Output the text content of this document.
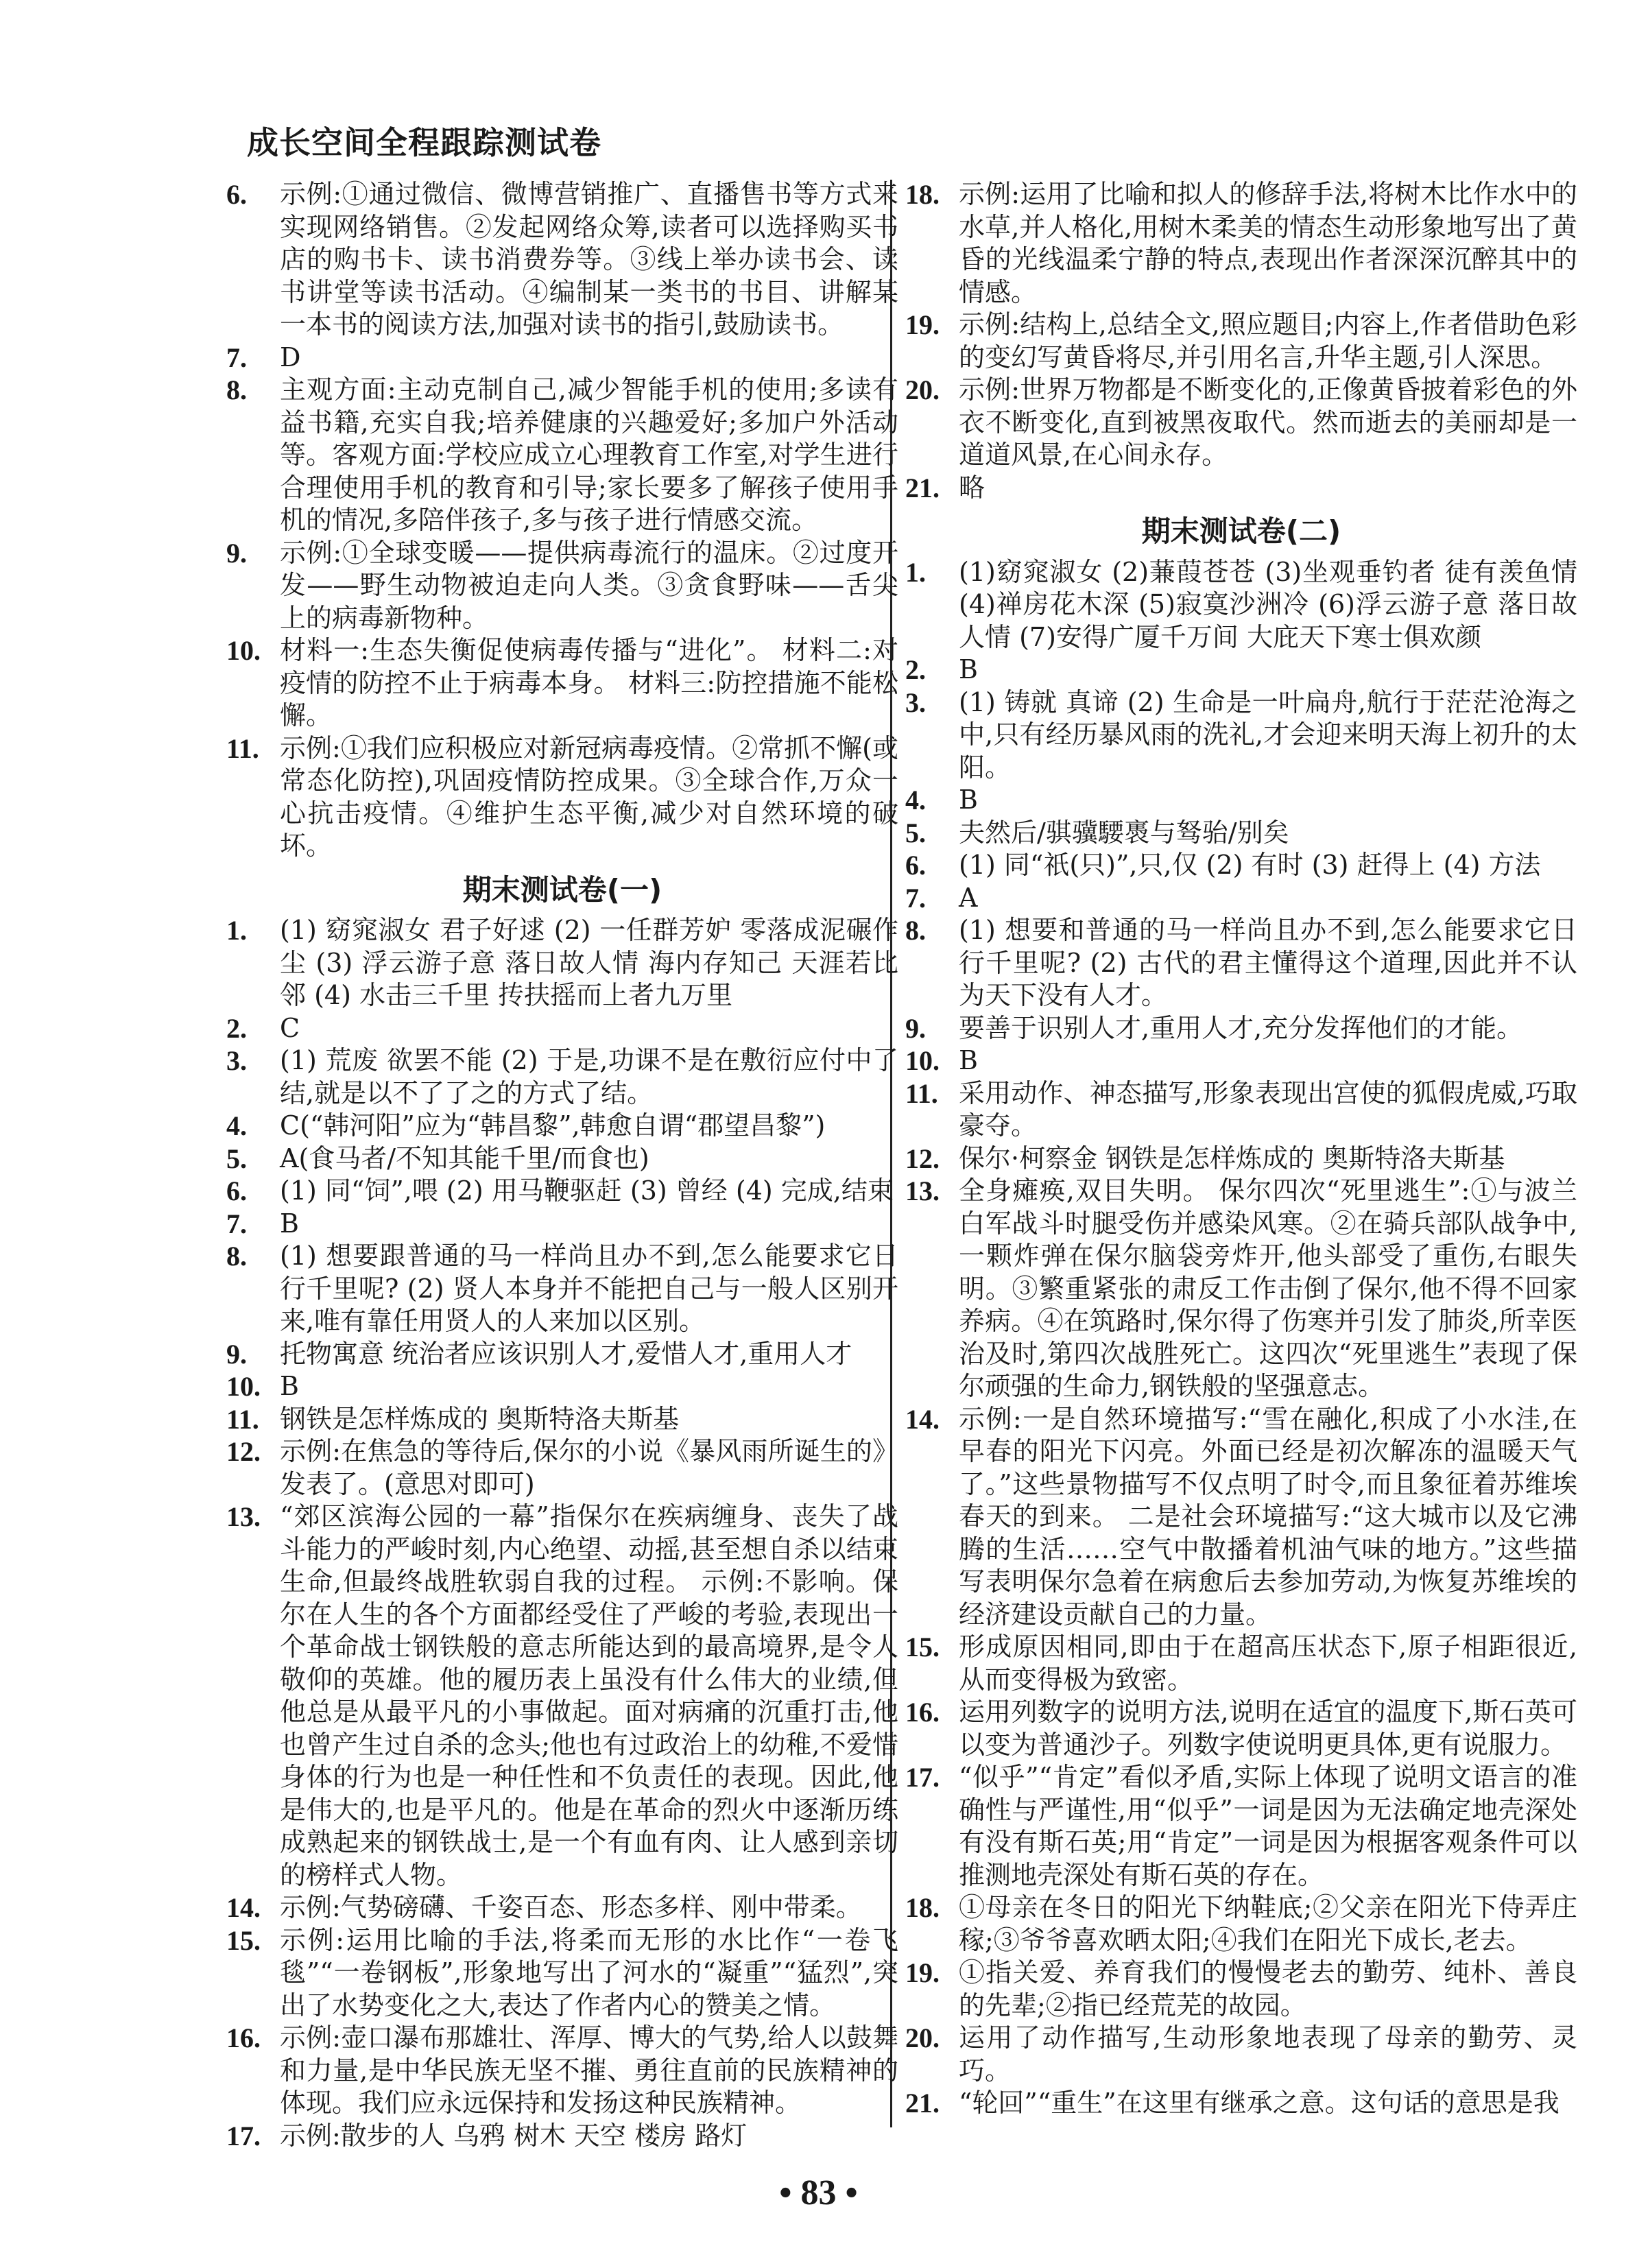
成长空间全程跟踪测试卷
6.	示例:①通过微信、微博营销推广、直播售书等方式来实现网络销售。②发起网络众筹,读者可以选择购买书店的购书卡、读书消费券等。③线上举办读书会、读书讲堂等读书活动。④编制某一类书的书目、讲解某一本书的阅读方法,加强对读书的指引,鼓励读书。
7.	D
8.	主观方面:主动克制自己,减少智能手机的使用;多读有益书籍,充实自我;培养健康的兴趣爱好;多加户外活动等。客观方面:学校应成立心理教育工作室,对学生进行合理使用手机的教育和引导;家长要多了解孩子使用手机的情况,多陪伴孩子,多与孩子进行情感交流。
9.	示例:①全球变暖——提供病毒流行的温床。②过度开发——野生动物被迫走向人类。③贪食野味——舌尖上的病毒新物种。
10. 材料一:生态失衡促使病毒传播与“进化”。 材料二:对疫情的防控不止于病毒本身。 材料三:防控措施不能松懈。
11. 示例:①我们应积极应对新冠病毒疫情。②常抓不懈(或常态化防控),巩固疫情防控成果。③全球合作,万众一心抗击疫情。④维护生态平衡,减少对自然环境的破坏。
期末测试卷(一)
1.	(1) 窈窕淑女 君子好逑 (2) 一任群芳妒 零落成泥碾作尘 (3) 浮云游子意 落日故人情 海内存知己 天涯若比邻 (4) 水击三千里 抟扶摇而上者九万里
2.	C
3.	(1) 荒废 欲罢不能 (2) 于是,功课不是在敷衍应付中了结,就是以不了了之的方式了结。
4.	C(“韩河阳”应为“韩昌黎”,韩愈自谓“郡望昌黎”)
5.	A(食马者/不知其能千里/而食也)
6.	(1) 同“饲”,喂 (2) 用马鞭驱赶 (3) 曾经 (4) 完成,结束
7.	B
8.	(1) 想要跟普通的马一样尚且办不到,怎么能要求它日行千里呢? (2) 贤人本身并不能把自己与一般人区别开来,唯有靠任用贤人的人来加以区别。
9.	托物寓意 统治者应该识别人才,爱惜人才,重用人才
10. B
11. 钢铁是怎样炼成的 奥斯特洛夫斯基
12. 示例:在焦急的等待后,保尔的小说《暴风雨所诞生的》发表了。(意思对即可)
13. “郊区滨海公园的一幕”指保尔在疾病缠身、丧失了战斗能力的严峻时刻,内心绝望、动摇,甚至想自杀以结束生命,但最终战胜软弱自我的过程。 示例:不影响。保尔在人生的各个方面都经受住了严峻的考验,表现出一个革命战士钢铁般的意志所能达到的最高境界,是令人敬仰的英雄。他的履历表上虽没有什么伟大的业绩,但他总是从最平凡的小事做起。面对病痛的沉重打击,他也曾产生过自杀的念头;他也有过政治上的幼稚,不爱惜身体的行为也是一种任性和不负责任的表现。因此,他是伟大的,也是平凡的。他是在革命的烈火中逐渐历练成熟起来的钢铁战士,是一个有血有肉、让人感到亲切的榜样式人物。
14. 示例:气势磅礴、千姿百态、形态多样、刚中带柔。
15. 示例:运用比喻的手法,将柔而无形的水比作“一卷飞毯”“一卷钢板”,形象地写出了河水的“凝重”“猛烈”,突出了水势变化之大,表达了作者内心的赞美之情。
16. 示例:壶口瀑布那雄壮、浑厚、博大的气势,给人以鼓舞和力量,是中华民族无坚不摧、勇往直前的民族精神的体现。我们应永远保持和发扬这种民族精神。
17. 示例:散步的人 乌鸦 树木 天空 楼房 路灯
18. 示例:运用了比喻和拟人的修辞手法,将树木比作水中的水草,并人格化,用树木柔美的情态生动形象地写出了黄昏的光线温柔宁静的特点,表现出作者深深沉醉其中的情感。
19. 示例:结构上,总结全文,照应题目;内容上,作者借助色彩的变幻写黄昏将尽,并引用名言,升华主题,引人深思。
20. 示例:世界万物都是不断变化的,正像黄昏披着彩色的外衣不断变化,直到被黑夜取代。然而逝去的美丽却是一道道风景,在心间永存。
21. 略
期末测试卷(二)
1.	(1)窈窕淑女 (2)蒹葭苍苍 (3)坐观垂钓者 徒有羡鱼情 (4)禅房花木深 (5)寂寞沙洲冷 (6)浮云游子意 落日故人情 (7)安得广厦千万间 大庇天下寒士俱欢颜
2.	B
3.	(1) 铸就 真谛 (2) 生命是一叶扁舟,航行于茫茫沧海之中,只有经历暴风雨的洗礼,才会迎来明天海上初升的太阳。
4.	B
5.	夫然后/骐骥騕褭与驽骀/别矣
6.	(1) 同“祇(只)”,只,仅 (2) 有时 (3) 赶得上 (4) 方法
7.	A
8.	(1) 想要和普通的马一样尚且办不到,怎么能要求它日行千里呢? (2) 古代的君主懂得这个道理,因此并不认为天下没有人才。
9.	要善于识别人才,重用人才,充分发挥他们的才能。
10. B
11. 采用动作、神态描写,形象表现出宫使的狐假虎威,巧取豪夺。
12. 保尔·柯察金 钢铁是怎样炼成的 奥斯特洛夫斯基
13. 全身瘫痪,双目失明。 保尔四次“死里逃生”:①与波兰白军战斗时腿受伤并感染风寒。②在骑兵部队战争中,一颗炸弹在保尔脑袋旁炸开,他头部受了重伤,右眼失明。③繁重紧张的肃反工作击倒了保尔,他不得不回家养病。④在筑路时,保尔得了伤寒并引发了肺炎,所幸医治及时,第四次战胜死亡。这四次“死里逃生”表现了保尔顽强的生命力,钢铁般的坚强意志。
14. 示例:一是自然环境描写:“雪在融化,积成了小水洼,在早春的阳光下闪亮。外面已经是初次解冻的温暖天气了。”这些景物描写不仅点明了时令,而且象征着苏维埃春天的到来。 二是社会环境描写:“这大城市以及它沸腾的生活……空气中散播着机油气味的地方。”这些描写表明保尔急着在病愈后去参加劳动,为恢复苏维埃的经济建设贡献自己的力量。
15. 形成原因相同,即由于在超高压状态下,原子相距很近,从而变得极为致密。
16. 运用列数字的说明方法,说明在适宜的温度下,斯石英可以变为普通沙子。列数字使说明更具体,更有说服力。
17. “似乎”“肯定”看似矛盾,实际上体现了说明文语言的准确性与严谨性,用“似乎”一词是因为无法确定地壳深处有没有斯石英;用“肯定”一词是因为根据客观条件可以推测地壳深处有斯石英的存在。
18. ①母亲在冬日的阳光下纳鞋底;②父亲在阳光下侍弄庄稼;③爷爷喜欢晒太阳;④我们在阳光下成长,老去。
19. ①指关爱、养育我们的慢慢老去的勤劳、纯朴、善良的先辈;②指已经荒芜的故园。
20. 运用了动作描写,生动形象地表现了母亲的勤劳、灵巧。
21. “轮回”“重生”在这里有继承之意。这句话的意思是我
• 83 •
